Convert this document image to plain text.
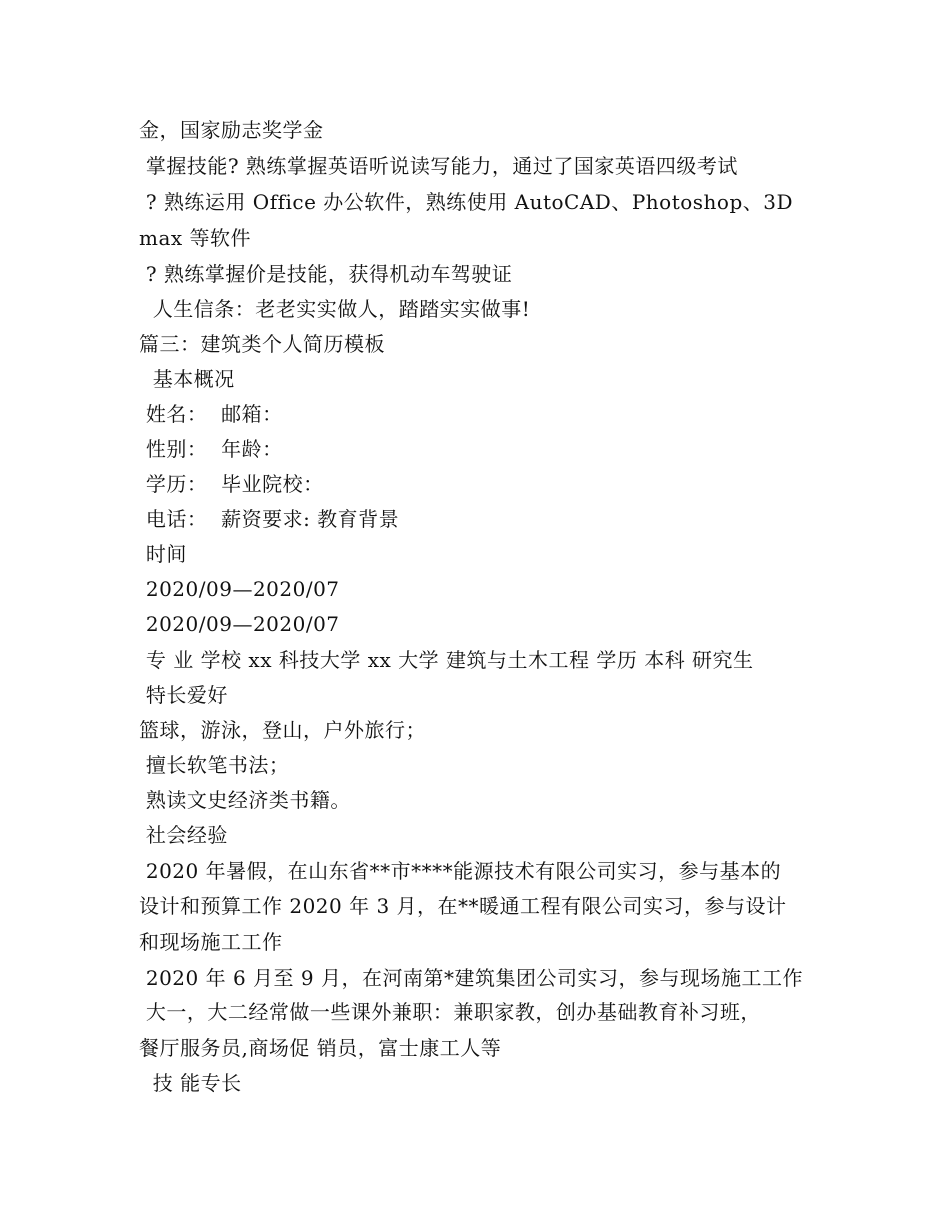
金，国家励志奖学金
掌握技能? 熟练掌握英语听说读写能力，通过了国家英语四级考试
? 熟练运用 Office 办公软件，熟练使用 AutoCAD、Photoshop、3D
max 等软件
? 熟练掌握价是技能，获得机动车驾驶证
人生信条：老老实实做人，踏踏实实做事!
篇三：建筑类个人简历模板
基本概况
姓名：  邮箱：
性别：  年龄：
学历：  毕业院校：
电话：  薪资要求: 教育背景
时间
2020/09—2020/07
2020/09—2020/07
专 业 学校 xx 科技大学 xx 大学 建筑与土木工程 学历 本科 研究生
特长爱好
篮球，游泳，登山，户外旅行；
擅长软笔书法；
熟读文史经济类书籍。
社会经验
2020 年暑假，在山东省**市****能源技术有限公司实习，参与基本的
设计和预算工作 2020 年 3 月，在**暖通工程有限公司实习，参与设计
和现场施工工作
2020 年 6 月至 9 月，在河南第*建筑集团公司实习，参与现场施工工作
大一，大二经常做一些课外兼职：兼职家教，创办基础教育补习班，
餐厅服务员,商场促 销员，富士康工人等
技 能专长
